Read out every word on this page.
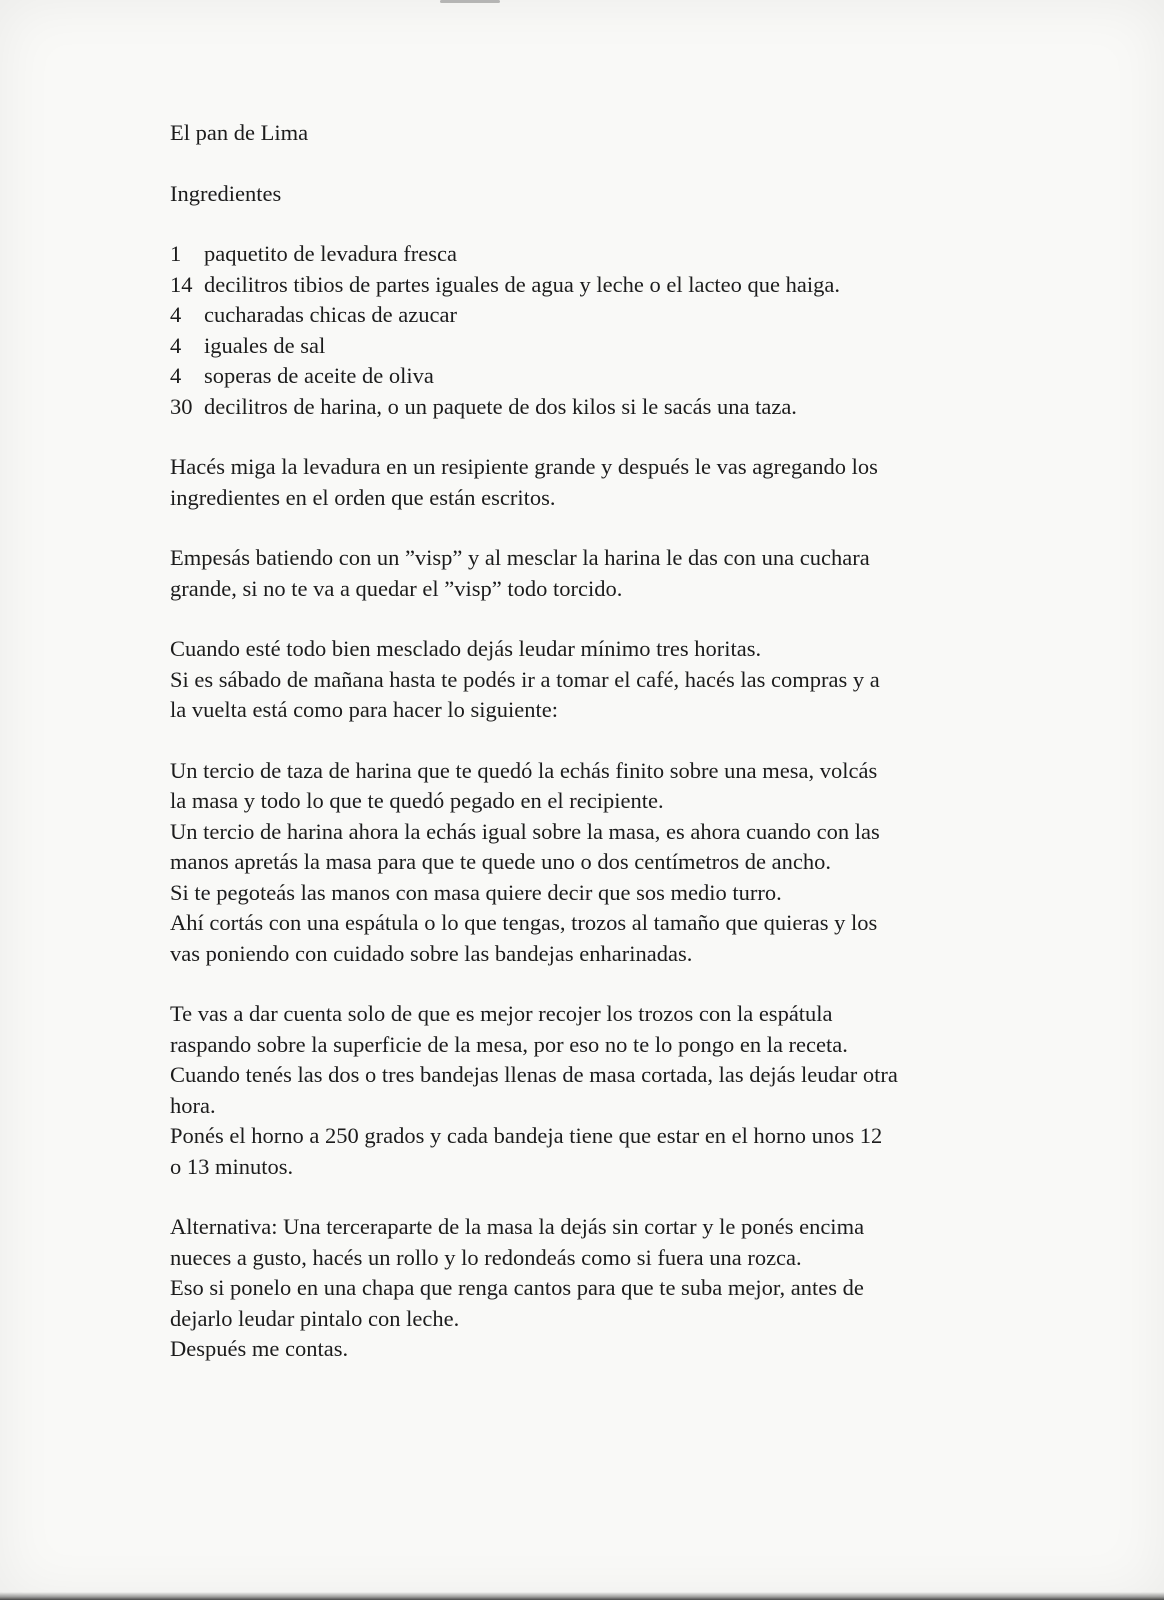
El pan de Lima

Ingredientes

1 paquetito de levadura fresca
14 decilitros tibios de partes iguales de agua y leche o el lacteo que haiga.
4 cucharadas chicas de azucar
4 iguales de sal
4 soperas de aceite de oliva
30 decilitros de harina, o un paquete de dos kilos si le sacás una taza.

Hacés miga la levadura en un resipiente grande y después le vas agregando los
ingredientes en el orden que están escritos.

Empesás batiendo con un ”visp” y al mesclar la harina le das con una cuchara
grande, si no te va a quedar el ”visp” todo torcido.

Cuando esté todo bien mesclado dejás leudar mínimo tres horitas.
Si es sábado de mañana hasta te podés ir a tomar el café, hacés las compras y a
la vuelta está como para hacer lo siguiente:

Un tercio de taza de harina que te quedó la echás finito sobre una mesa, volcás
la masa y todo lo que te quedó pegado en el recipiente.
Un tercio de harina ahora la echás igual sobre la masa, es ahora cuando con las
manos apretás la masa para que te quede uno o dos centímetros de ancho.
Si te pegoteás las manos con masa quiere decir que sos medio turro.
Ahí cortás con una espátula o lo que tengas, trozos al tamaño que quieras y los
vas poniendo con cuidado sobre las bandejas enharinadas.

Te vas a dar cuenta solo de que es mejor recojer los trozos con la espátula
raspando sobre la superficie de la mesa, por eso no te lo pongo en la receta.
Cuando tenés las dos o tres bandejas llenas de masa cortada, las dejás leudar otra
hora.
Ponés el horno a 250 grados y cada bandeja tiene que estar en el horno unos 12
o 13 minutos.

Alternativa: Una terceraparte de la masa la dejás sin cortar y le ponés encima
nueces a gusto, hacés un rollo y lo redondeás como si fuera una rozca.
Eso si ponelo en una chapa que renga cantos para que te suba mejor, antes de
dejarlo leudar pintalo con leche.
Después me contas.
